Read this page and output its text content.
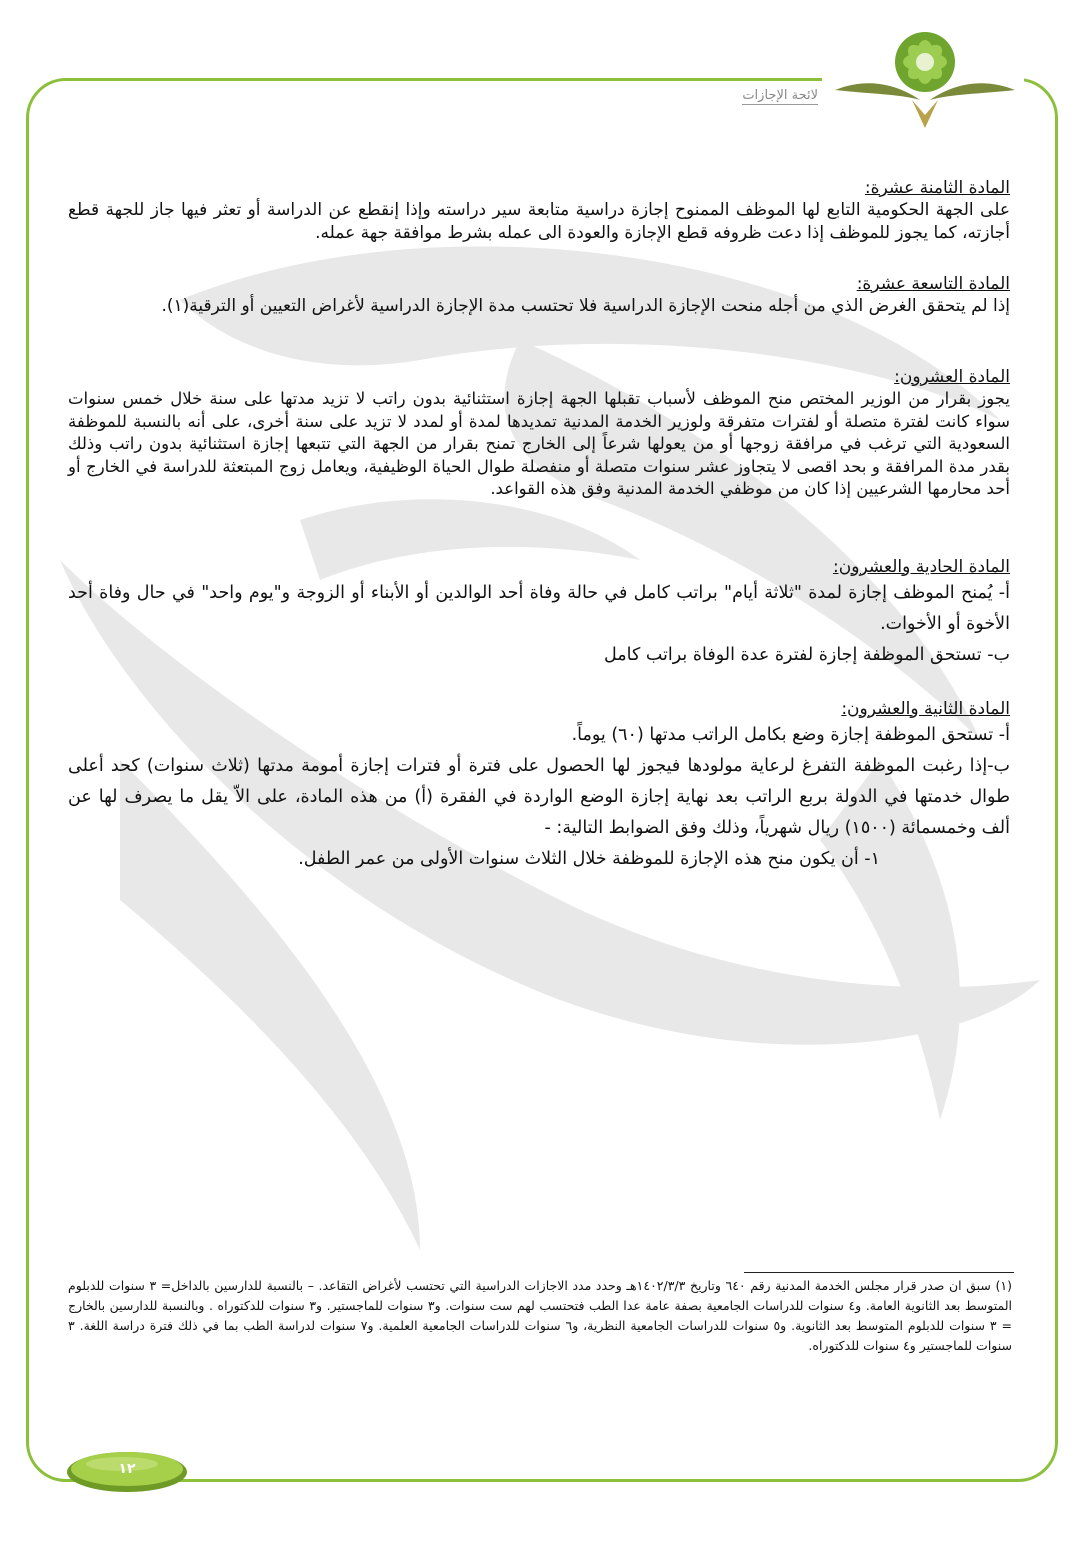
لائحة الإجازات
المادة الثامنة عشرة:
على الجهة الحكومية التابع لها الموظف الممنوح إجازة دراسية متابعة سير دراسته وإذا إنقطع عن الدراسة أو تعثر فيها جاز للجهة قطع أجازته، كما يجوز للموظف إذا دعت ظروفه قطع الإجازة والعودة الى عمله بشرط موافقة جهة عمله.
المادة التاسعة عشرة:
إذا لم يتحقق الغرض الذي من أجله منحت الإجازة الدراسية فلا تحتسب مدة الإجازة الدراسية لأغراض التعيين أو الترقية(١).
المادة العشرون:
يجوز بقرار من الوزير المختص منح الموظف لأسباب تقبلها الجهة إجازة استثنائية بدون راتب لا تزيد مدتها على سنة خلال خمس سنوات سواء كانت لفترة متصلة أو لفترات متفرقة ولوزير الخدمة المدنية تمديدها لمدة أو لمدد لا تزيد على سنة أخرى، على أنه بالنسبة للموظفة السعودية التي ترغب في مرافقة زوجها أو من يعولها شرعاً إلى الخارج تمنح بقرار من الجهة التي تتبعها إجازة استثنائية بدون راتب وذلك بقدر مدة المرافقة و بحد اقصى لا يتجاوز عشر سنوات متصلة أو منفصلة طوال الحياة الوظيفية، ويعامل زوج المبتعثة للدراسة في الخارج أو أحد محارمها الشرعيين إذا كان من موظفي الخدمة المدنية وفق هذه القواعد.
المادة الحادية والعشرون:
أ- يُمنح الموظف إجازة لمدة "ثلاثة أيام" براتب كامل في حالة وفاة أحد الوالدين أو الأبناء أو الزوجة و"يوم واحد" في حال وفاة أحد الأخوة أو الأخوات.
ب- تستحق الموظفة إجازة لفترة عدة الوفاة براتب كامل
المادة الثانية والعشرون:
أ- تستحق الموظفة إجازة وضع بكامل الراتب مدتها (٦٠) يوماً.
ب-إذا رغبت الموظفة التفرغ لرعاية مولودها فيجوز لها الحصول على فترة أو فترات إجازة أمومة مدتها (ثلاث سنوات) كحد أعلى طوال خدمتها في الدولة بربع الراتب بعد نهاية إجازة الوضع الواردة في الفقرة (أ) من هذه المادة، على الاّ يقل ما يصرف لها عن ألف وخمسمائة (١٥٠٠) ريال شهرياً، وذلك وفق الضوابط التالية: -
١- أن يكون منح هذه الإجازة للموظفة خلال الثلاث سنوات الأولى من عمر الطفل.
(١) سبق ان صدر قرار مجلس الخدمة المدنية رقم ٦٤٠ وتاريخ ١٤٠٢/٣/٣هـ وحدد مدد الاجازات الدراسية التي تحتسب لأغراض التقاعد. – بالنسبة للدارسين بالداخل= ٣ سنوات للدبلوم المتوسط بعد الثانوية العامة. و٤ سنوات للدراسات الجامعية بصفة عامة عدا الطب فتحتسب لهم ست سنوات. و٣ سنوات للماجستير. و٣ سنوات للدكتوراه . وبالنسبة للدارسين بالخارج = ٣ سنوات للدبلوم المتوسط بعد الثانوية. و٥ سنوات للدراسات الجامعية النظرية، و٦ سنوات للدراسات الجامعية العلمية. و٧ سنوات لدراسة الطب بما في ذلك فترة دراسة اللغة. ٣ سنوات للماجستير و٤ سنوات للدكتوراه.
١٢
